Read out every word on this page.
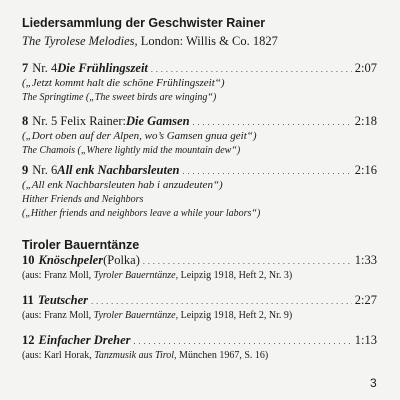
Liedersammlung der Geschwister Rainer
The Tyrolese Melodies, London: Willis & Co. 1827
7 Nr. 4 Die Frühlingszeit . . .	2:07
(„Jetzt kommt halt die schöne Frühlingszeit“)
The Springtime („The sweet birds are winging“)
8 Nr. 5 Felix Rainer: Die Gamsen . . .	2:18
(„Dort oben auf der Alpen, wo’s Gamsen gnua geit“)
The Chamois („Where lightly mid the mountain dew“)
9 Nr. 6 All enk Nachbarsleuten . . .	2:16
(„All enk Nachbarsleuten hab i anzudeuten“)
Hither Friends and Neighbors
(„Hither friends and neighbors leave a while your labors“)
Tiroler Bauerntänze
10 Knöschpeler (Polka) . . .	1:33
(aus: Franz Moll, Tyroler Bauerntänze, Leipzig 1918, Heft 2, Nr. 3)
11 Teutscher . . .	2:27
(aus: Franz Moll, Tyroler Bauerntänze, Leipzig 1918, Heft 2, Nr. 9)
12 Einfacher Dreher . . .	1:13
(aus: Karl Horak, Tanzmusik aus Tirol, München 1967, S. 16)
3
